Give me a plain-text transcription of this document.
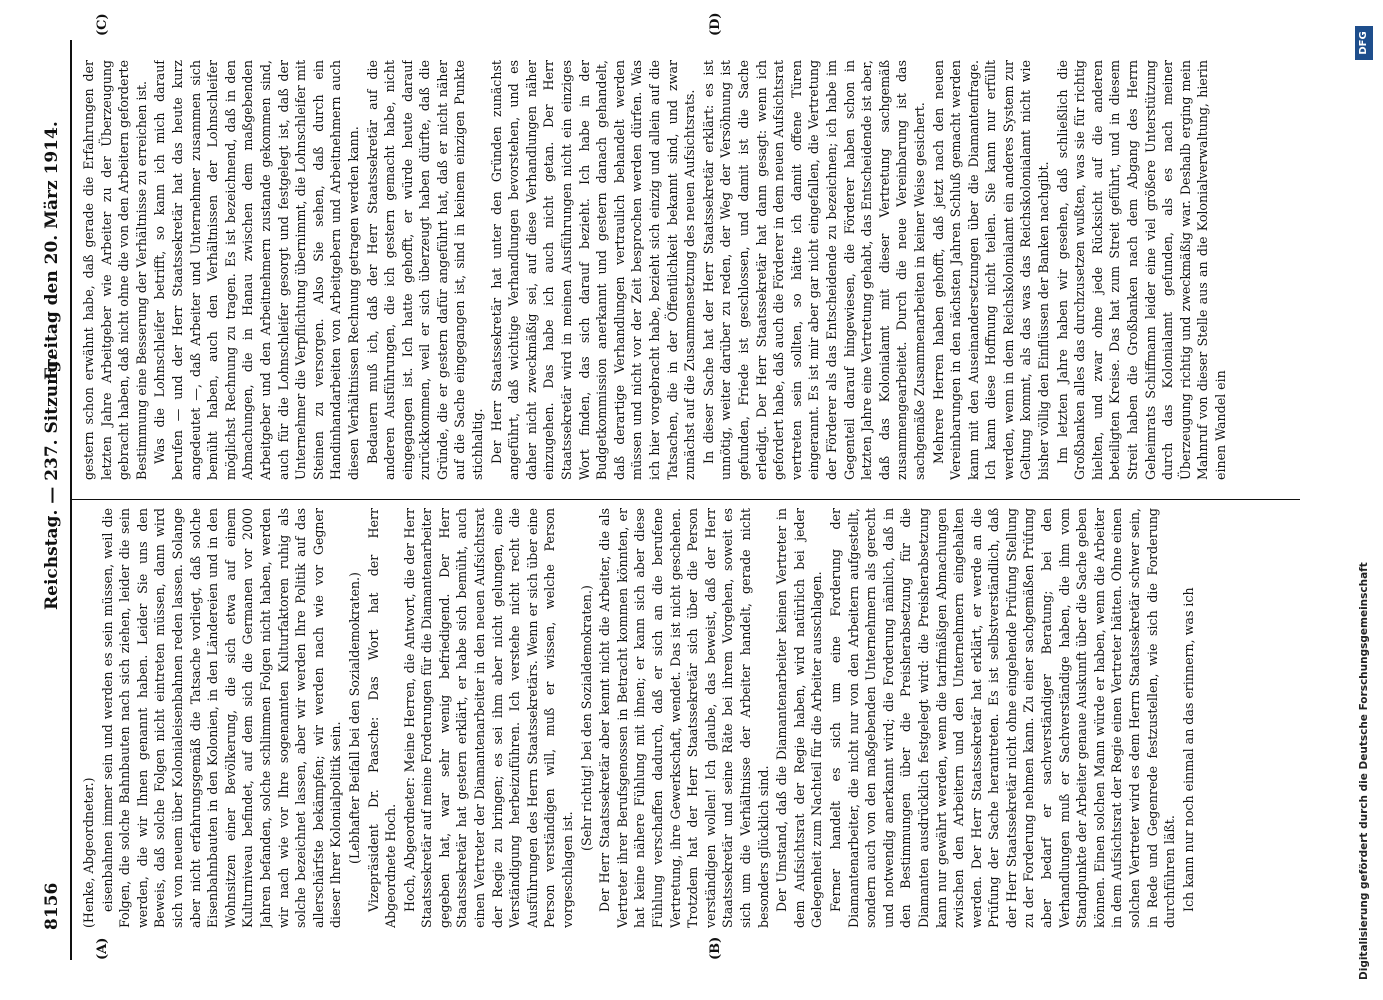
8156
Reichstag. — 237. Sitzung.
Freitag den 20. März 1914.
(A)	(B)
(C)	(D)

(Henke, Abgeordneter.) eisenbahnen immer sein und werden es sein müssen, weil die Folgen, die solche Bahnbauten nach sich ziehen, leider die sein werden, die wir Ihnen genannt haben. Leider Sie uns den Beweis, daß solche Folgen nicht eintreten müssen, dann wird sich von neuem über Kolonialeisenbahnen reden lassen. Solange aber nicht erfahrungsgemäß die Tatsache vorliegt, daß solche Eisenbahnbauten in den Kolonien, in den Ländereien und in den Wohnsitzen einer Bevölkerung, die sich etwa auf einem Kulturniveau befindet, auf dem sich die Germanen vor 2000 Jahren befanden, solche schlimmen Folgen nicht haben, werden wir nach wie vor Ihre sogenannten Kulturfaktoren ruhig als solche bezeichnet lassen, aber wir werden Ihre Politik auf das allerschärfste bekämpfen; wir werden nach wie vor Gegner dieser Ihrer Kolonialpolitik sein. (Lebhafter Beifall bei den Sozialdemokraten.) Vizepräsident Dr. Paasche: Das Wort hat der Herr Abgeordnete Hoch. Hoch, Abgeordneter: Meine Herren, die Antwort, die der Herr Staatssekretär auf meine Forderungen für die Diamantenarbeiter gegeben hat, war sehr wenig befriedigend. Der Herr Staatssekretär hat gestern erklärt, er habe sich bemüht, auch einen Vertreter der Diamantenarbeiter in den neuen Aufsichtsrat der Regie zu bringen; es sei ihm aber nicht gelungen, eine Verständigung herbeizuführen. Ich verstehe nicht recht die Ausführungen des Herrn Staatssekretärs. Wenn er sich über eine Person verständigen will, muß er wissen, welche Person vorgeschlagen ist.

(Sehr richtig! bei den Sozialdemokraten.) Der Herr Staatssekretär aber kennt nicht die Arbeiter, die als Vertreter ihrer Berufsgenossen in Betracht kommen könnten, er hat keine nähere Fühlung mit ihnen; er kann sich aber diese Fühlung verschaffen dadurch, daß er sich an die berufene Vertretung, ihre Gewerkschaft, wendet. Das ist nicht geschehen. Trotzdem hat der Herr Staatssekretär sich über die Person verständigen wollen! Ich glaube, das beweist, daß der Herr Staatssekretär und seine Räte bei ihrem Vorgehen, soweit es sich um die Verhältnisse der Arbeiter handelt, gerade nicht besonders glücklich sind. Der Umstand, daß die Diamantenarbeiter keinen Vertreter in dem Aufsichtsrat der Regie haben, wird natürlich bei jeder Gelegenheit zum Nachteil für die Arbeiter ausschlagen. Ferner handelt es sich um eine Forderung der Diamantenarbeiter, die nicht nur von den Arbeitern aufgestellt, sondern auch von den maßgebenden Unternehmern als gerecht und notwendig anerkannt wird; die Forderung nämlich, daß in den Bestimmungen über die Preisherabsetzung für die Diamanten ausdrücklich festgelegt wird: die Preisherabsetzung kann nur gewährt werden, wenn die tarifmäßigen Abmachungen zwischen den Arbeitern und den Unternehmern eingehalten werden. Der Herr Staatssekretär hat erklärt, er werde an die Prüfung der Sache herantreten. Es ist selbstverständlich, daß der Herr Staatssekretär nicht ohne eingehende Prüfung Stellung zu der Forderung nehmen kann. Zu einer sachgemäßen Prüfung aber bedarf er sachverständiger Beratung; bei den Verhandlungen muß er Sachverständige haben, die ihm vom Standpunkte der Arbeiter genaue Auskunft über die Sache geben können. Einen solchen Mann würde er haben, wenn die Arbeiter in dem Aufsichtsrat der Regie einen Vertreter hätten. Ohne einen solchen Vertreter wird es dem Herrn Staatssekretär schwer sein, in Rede und Gegenrede festzustellen, wie sich die Forderung durchführen läßt. Ich kann nur noch einmal an das erinnern, was ich

gestern schon erwähnt habe, daß gerade die Erfahrungen der letzten Jahre Arbeitgeber wie Arbeiter zu der Überzeugung gebracht haben, daß nicht ohne die von den Arbeitern geforderte Bestimmung eine Besserung der Verhältnisse zu erreichen ist. Was die Lohnschleifer betrifft, so kann ich mich darauf berufen — und der Herr Staatssekretär hat das heute kurz angedeutet —, daß Arbeiter und Unternehmer zusammen sich bemüht haben, auch den Verhältnissen der Lohnschleifer möglichst Rechnung zu tragen. Es ist bezeichnend, daß in den Abmachungen, die in Hanau zwischen dem maßgebenden Arbeitgeber und den Arbeitnehmern zustande gekommen sind, auch für die Lohnschleifer gesorgt und festgelegt ist, daß der Unternehmer die Verpflichtung übernimmt, die Lohnschleifer mit Steinen zu versorgen. Also Sie sehen, daß durch ein Handinhandarbeiten von Arbeitgebern und Arbeitnehmern auch diesen Verhältnissen Rechnung getragen werden kann. Bedauern muß ich, daß der Herr Staatssekretär auf die anderen Ausführungen, die ich gestern gemacht habe, nicht eingegangen ist. Ich hatte gehofft, er würde heute darauf zurückkommen, weil er sich überzeugt haben dürfte, daß die Gründe, die er gestern dafür angeführt hat, daß er nicht näher auf die Sache eingegangen ist, sind in keinem einzigen Punkte stichhaltig. Der Herr Staatssekretär hat unter den Gründen zunächst angeführt, daß wichtige Verhandlungen bevorstehen, und es daher nicht zweckmäßig sei, auf diese Verhandlungen näher einzugehen. Das habe ich auch nicht getan. Der Herr Staatssekretär wird in meinen Ausführungen nicht ein einziges Wort finden, das sich darauf bezieht. Ich habe in der Budgetkommission anerkannt und gestern danach gehandelt, daß derartige Verhandlungen vertraulich behandelt werden müssen und nicht vor der Zeit besprochen werden dürfen. Was ich hier vorgebracht habe, bezieht sich einzig und allein auf die Tatsachen, die in der Öffentlichkeit bekannt sind, und zwar zunächst auf die Zusammensetzung des neuen Aufsichtsrats. In dieser Sache hat der Herr Staatssekretär erklärt: es ist unnötig, weiter darüber zu reden, der Weg der Versöhnung ist gefunden, Friede ist geschlossen, und damit ist die Sache erledigt. Der Herr Staatssekretär hat dann gesagt: wenn ich gefordert habe, daß auch die Förderer in dem neuen Aufsichtsrat vertreten sein sollten, so hätte ich damit offene Türen eingerannt. Es ist mir aber gar nicht eingefallen, die Vertretung der Förderer als das Entscheidende zu bezeichnen; ich habe im Gegenteil darauf hingewiesen, die Förderer haben schon in letzten Jahre eine Vertretung gehabt, das Entscheidende ist aber, daß das Kolonialamt mit dieser Vertretung sachgemäß zusammengearbeitet. Durch die neue Vereinbarung ist das sachgemäße Zusammenarbeiten in keiner Weise gesichert. Mehrere Herren haben gehofft, daß jetzt nach den neuen Vereinbarungen in den nächsten Jahren Schluß gemacht werden kann mit den Auseinandersetzungen über die Diamantenfrage. Ich kann diese Hoffnung nicht teilen. Sie kann nur erfüllt werden, wenn in dem Reichskolonialamt ein anderes System zur Geltung kommt, als das was das Reichskolonialamt nicht wie bisher völlig den Einflüssen der Banken nachgibt. Im letzten Jahre haben wir gesehen, daß schließlich die Großbanken alles das durchzusetzen wußten, was sie für richtig hielten, und zwar ohne jede Rücksicht auf die anderen beteiligten Kreise. Das hat zum Streit geführt, und in diesem Streit haben die Großbanken nach dem Abgang des Herrn Geheimrats Schiffmann leider eine viel größere Unterstützung durch das Kolonialamt gefunden, als es nach meiner Überzeugung richtig und zweckmäßig war. Deshalb erging mein Mahnruf von dieser Stelle aus an die Kolonialverwaltung, hierin einen Wandel ein

Digitalisierung gefördert durch die Deutsche Forschungsgemeinschaft
DFG
